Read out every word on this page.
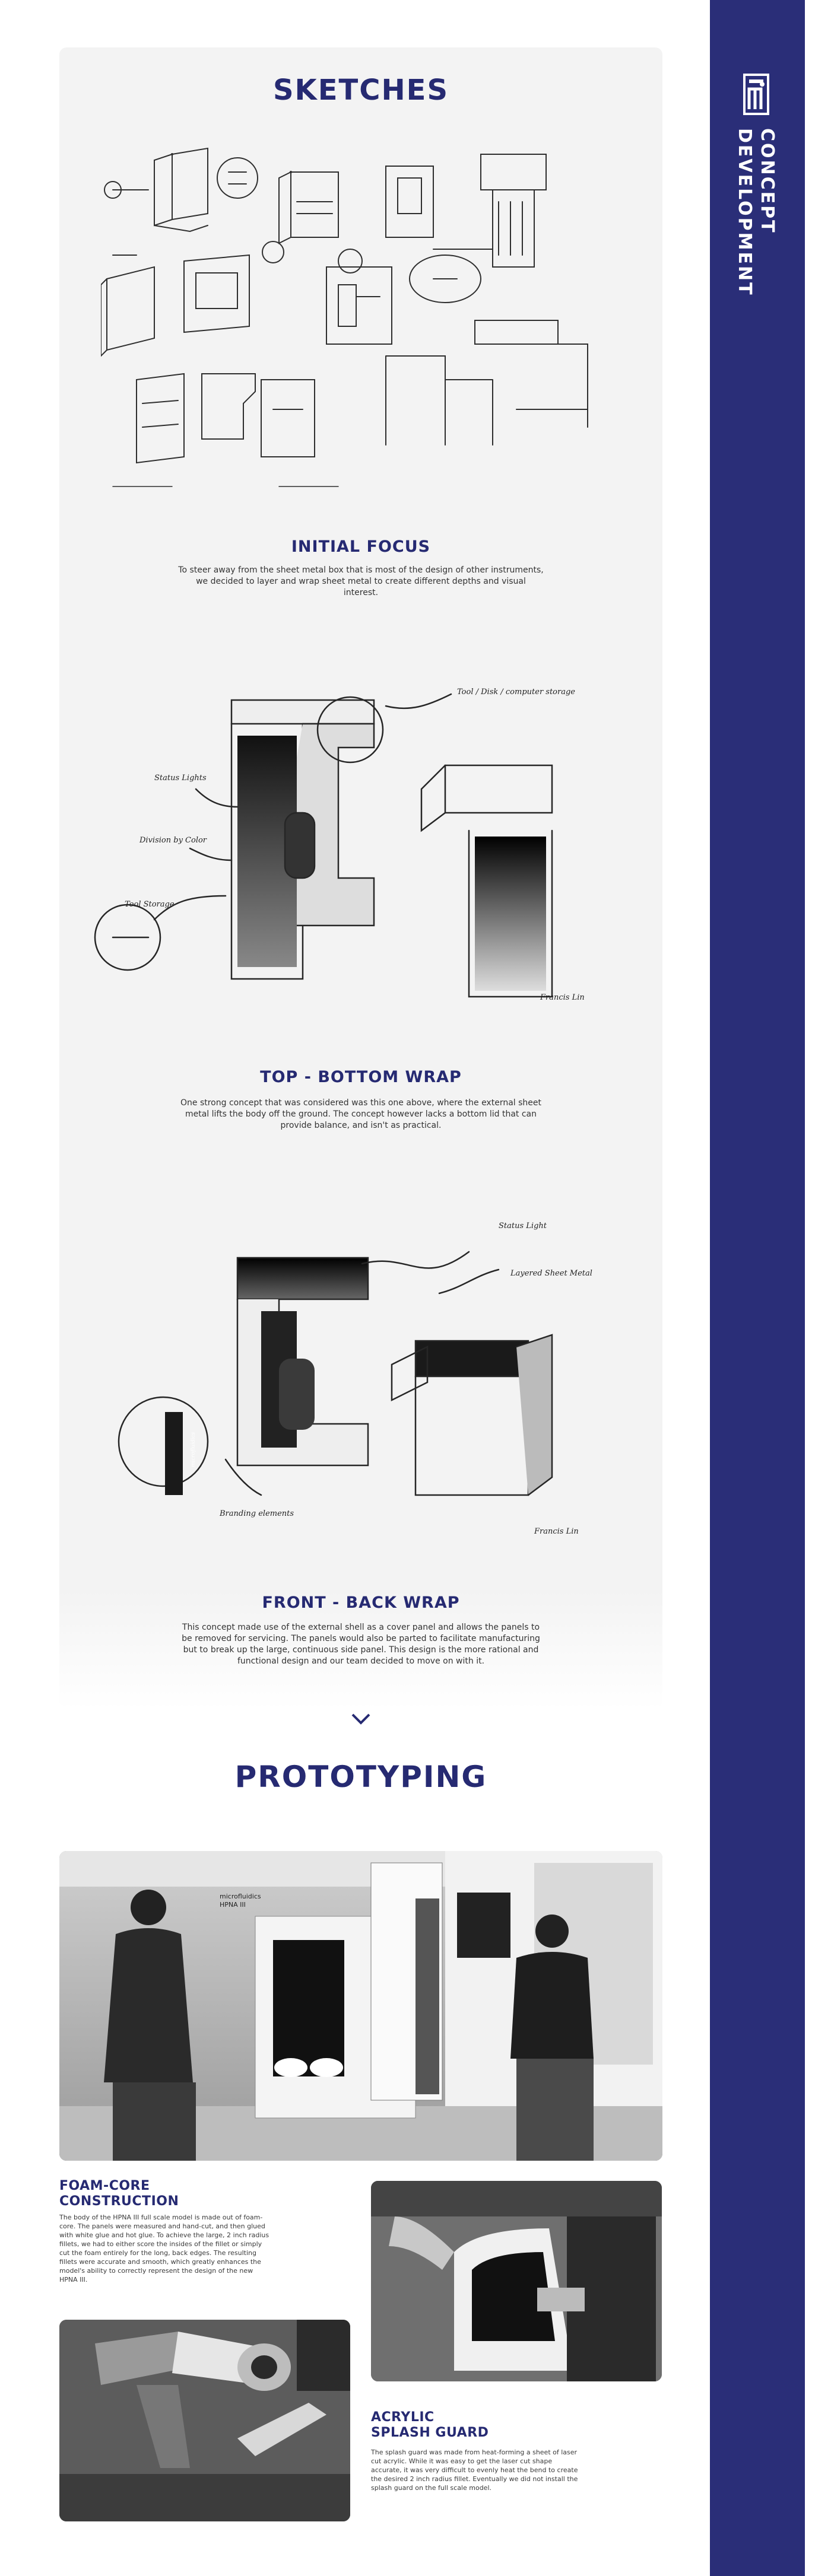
CONCEPT
DEVELOPMENT
SKETCHES
INITIAL FOCUS

To steer away from the sheet metal box that is most of the design of other instruments, we decided to layer and wrap sheet metal to create different depths and visual interest.

Tool / Disk / computer storage
Status Lights
Division by Color
Tool Storage
Francis Lin
TOP - BOTTOM WRAP

One strong concept that was considered was this one above, where the external sheet metal lifts the body off the ground. The concept however lacks a bottom lid that can provide balance, and isn't as practical.

Status Light
Layered Sheet Metal
Branding elements
microfluidics
Francis Lin
FRONT - BACK WRAP

This concept made use of the external shell as a cover panel and allows the panels to be removed for servicing. The panels would also be parted to facilitate manufacturing but to break up the large, continuous side panel. This design is the more rational and functional design and our team decided to move on with it.

PROTOTYPING
microfluidics
HPNA III
FOAM-CORE
CONSTRUCTION

The body of the HPNA III full scale model is made out of foam-core. The panels were measured and hand-cut, and then glued with white glue and hot glue. To achieve the large, 2 inch radius fillets, we had to either score the insides of the fillet or simply cut the foam entirely for the long, back edges. The resulting fillets were accurate and smooth, which greatly enhances the model's ability to correctly represent the design of the new HPNA III.

ACRYLIC
SPLASH GUARD

The splash guard was made from heat-forming a sheet of laser cut acrylic. While it was easy to get the laser cut shape accurate, it was very difficult to evenly heat the bend to create the desired 2 inch radius fillet. Eventually we did not install the splash guard on the full scale model.
